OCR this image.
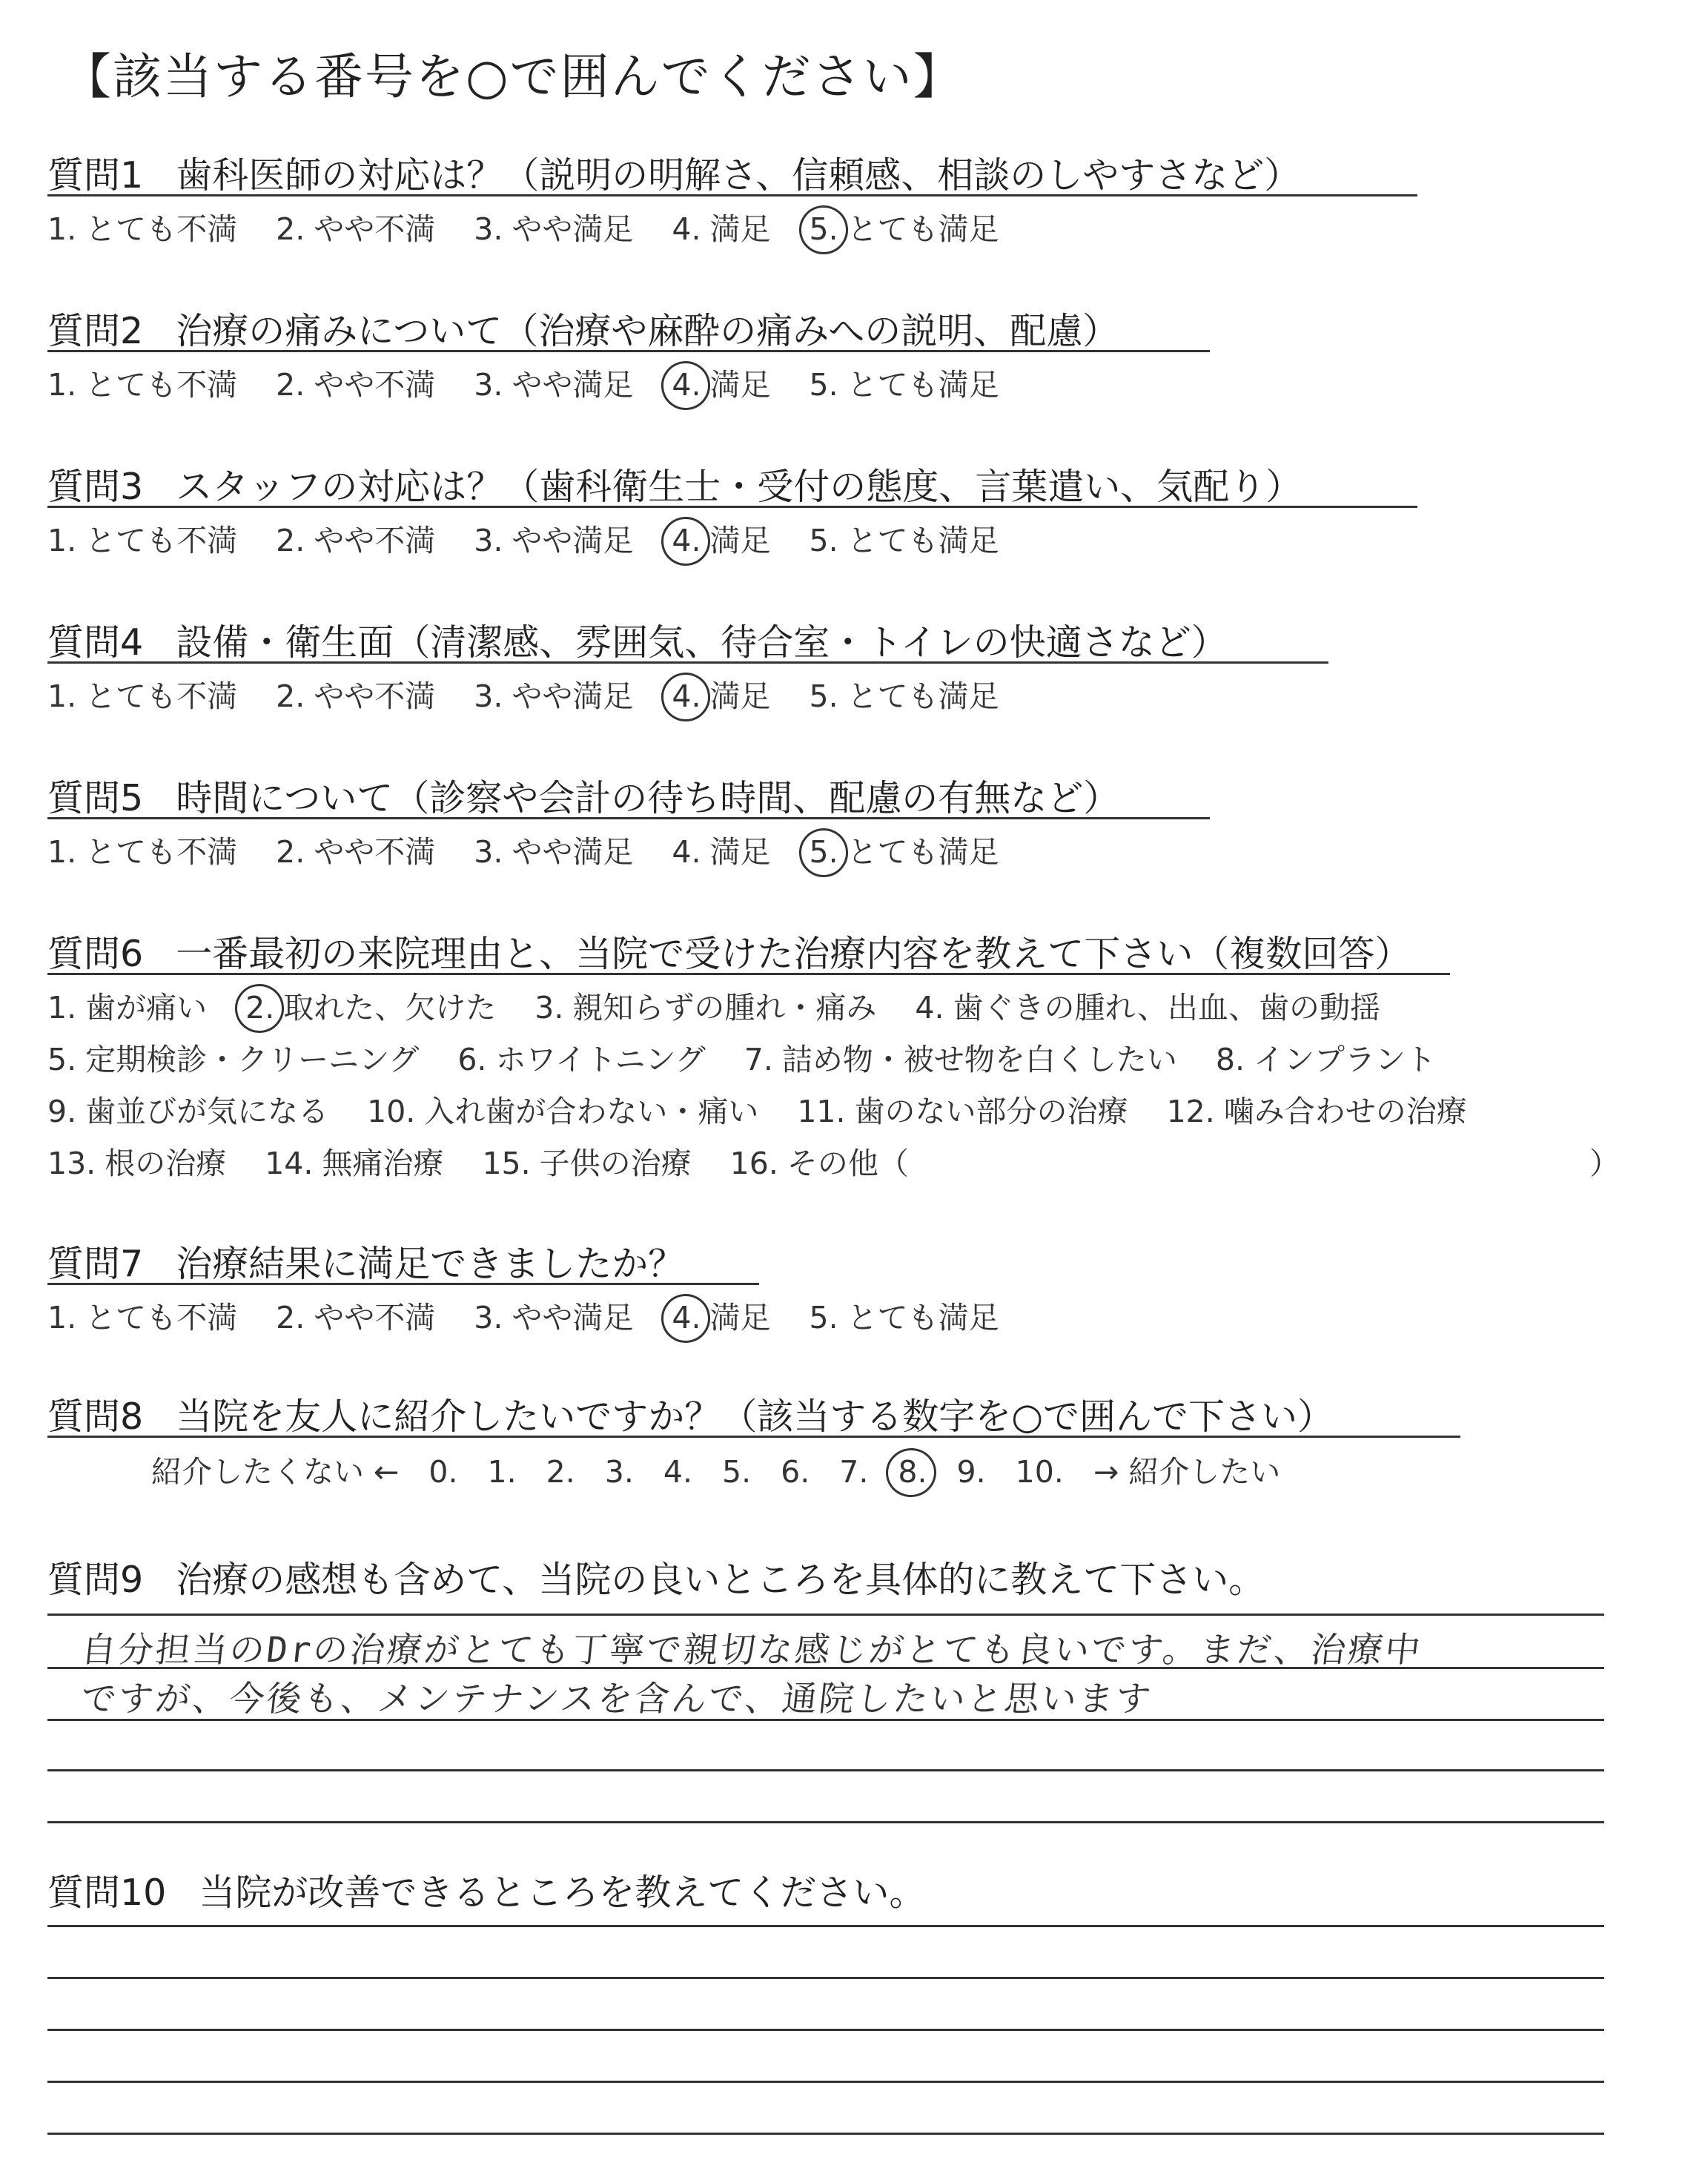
【該当する番号を○で囲んでください】
質問1 歯科医師の対応は？（説明の明解さ、信頼感、相談のしやすさなど）
1. とても不満 2. やや不満 3. やや満足 4. 満足 5. とても満足
質問2 治療の痛みについて（治療や麻酔の痛みへの説明、配慮）
1. とても不満 2. やや不満 3. やや満足 4. 満足 5. とても満足
質問3 スタッフの対応は？（歯科衛生士・受付の態度、言葉遣い、気配り）
1. とても不満 2. やや不満 3. やや満足 4. 満足 5. とても満足
質問4 設備・衛生面（清潔感、雰囲気、待合室・トイレの快適さなど）
1. とても不満 2. やや不満 3. やや満足 4. 満足 5. とても満足
質問5 時間について（診察や会計の待ち時間、配慮の有無など）
1. とても不満 2. やや不満 3. やや満足 4. 満足 5. とても満足
質問6 一番最初の来院理由と、当院で受けた治療内容を教えて下さい（複数回答）
1. 歯が痛い 2. 取れた、欠けた 3. 親知らずの腫れ・痛み 4. 歯ぐきの腫れ、出血、歯の動揺
5. 定期検診・クリーニング 6. ホワイトニング 7. 詰め物・被せ物を白くしたい 8. インプラント
9. 歯並びが気になる 10. 入れ歯が合わない・痛い 11. 歯のない部分の治療 12. 噛み合わせの治療
13. 根の治療 14. 無痛治療 15. 子供の治療 16. その他（	）
質問7 治療結果に満足できましたか？
1. とても不満 2. やや不満 3. やや満足 4. 満足 5. とても満足
質問8 当院を友人に紹介したいですか？（該当する数字を○で囲んで下さい）
紹介したくない ← 0. 1. 2. 3. 4. 5. 6. 7. 8. 9. 10. → 紹介したい
質問9 治療の感想も含めて、当院の良いところを具体的に教えて下さい。
自分担当のDrの治療がとても丁寧で親切な感じがとても良いです。まだ、治療中
ですが、今後も、メンテナンスを含んで、通院したいと思います
質問10 当院が改善できるところを教えてください。
